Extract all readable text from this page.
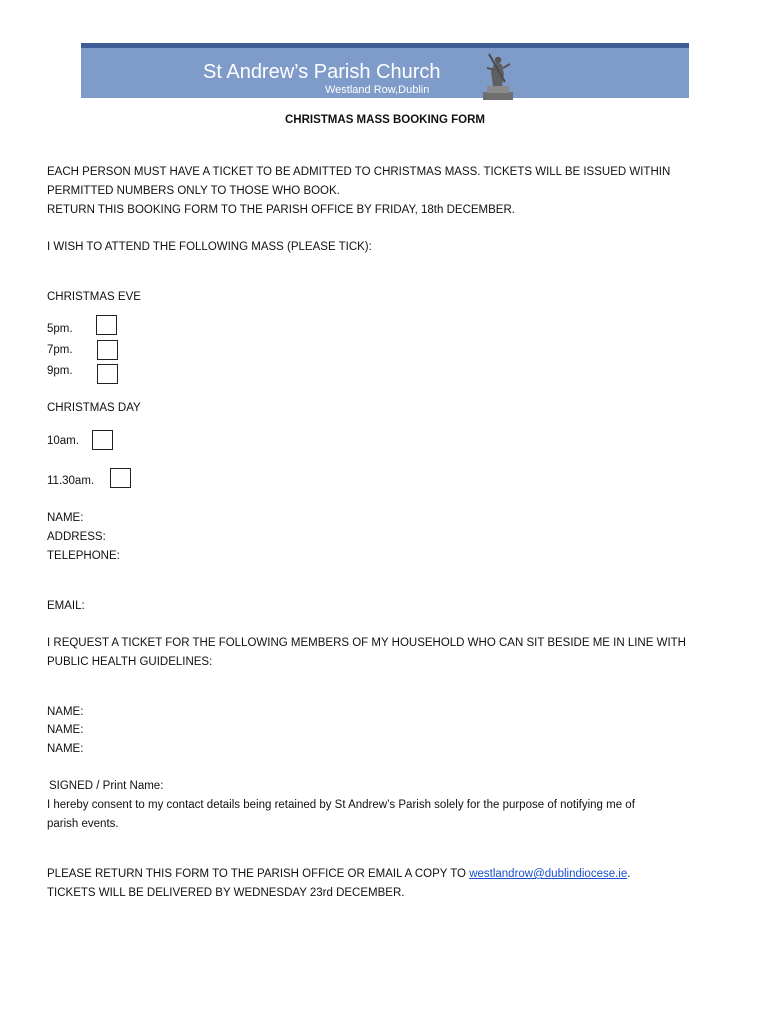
St Andrew’s Parish Church
Westland Row,Dublin
CHRISTMAS MASS BOOKING FORM
EACH PERSON MUST HAVE A TICKET TO BE ADMITTED TO CHRISTMAS MASS. TICKETS WILL BE ISSUED WITHIN
PERMITTED NUMBERS ONLY TO THOSE WHO BOOK.
RETURN THIS BOOKING FORM TO THE PARISH OFFICE BY FRIDAY, 18th DECEMBER.
I WISH TO ATTEND THE FOLLOWING MASS (PLEASE TICK):
CHRISTMAS EVE
5pm.
7pm.
9pm.
CHRISTMAS DAY
10am.
11.30am.
NAME:
ADDRESS:
TELEPHONE:
EMAIL:
I REQUEST A TICKET FOR THE FOLLOWING MEMBERS OF MY HOUSEHOLD WHO CAN SIT BESIDE ME IN LINE WITH
PUBLIC HEALTH GUIDELINES:
NAME:
NAME:
NAME:
SIGNED / Print Name:
I hereby consent to my contact details being retained by St Andrew’s Parish solely for the purpose of notifying me of
parish events.
PLEASE RETURN THIS FORM TO THE PARISH OFFICE OR EMAIL A COPY TO westlandrow@dublindiocese.ie.
TICKETS WILL BE DELIVERED BY WEDNESDAY 23rd DECEMBER.
